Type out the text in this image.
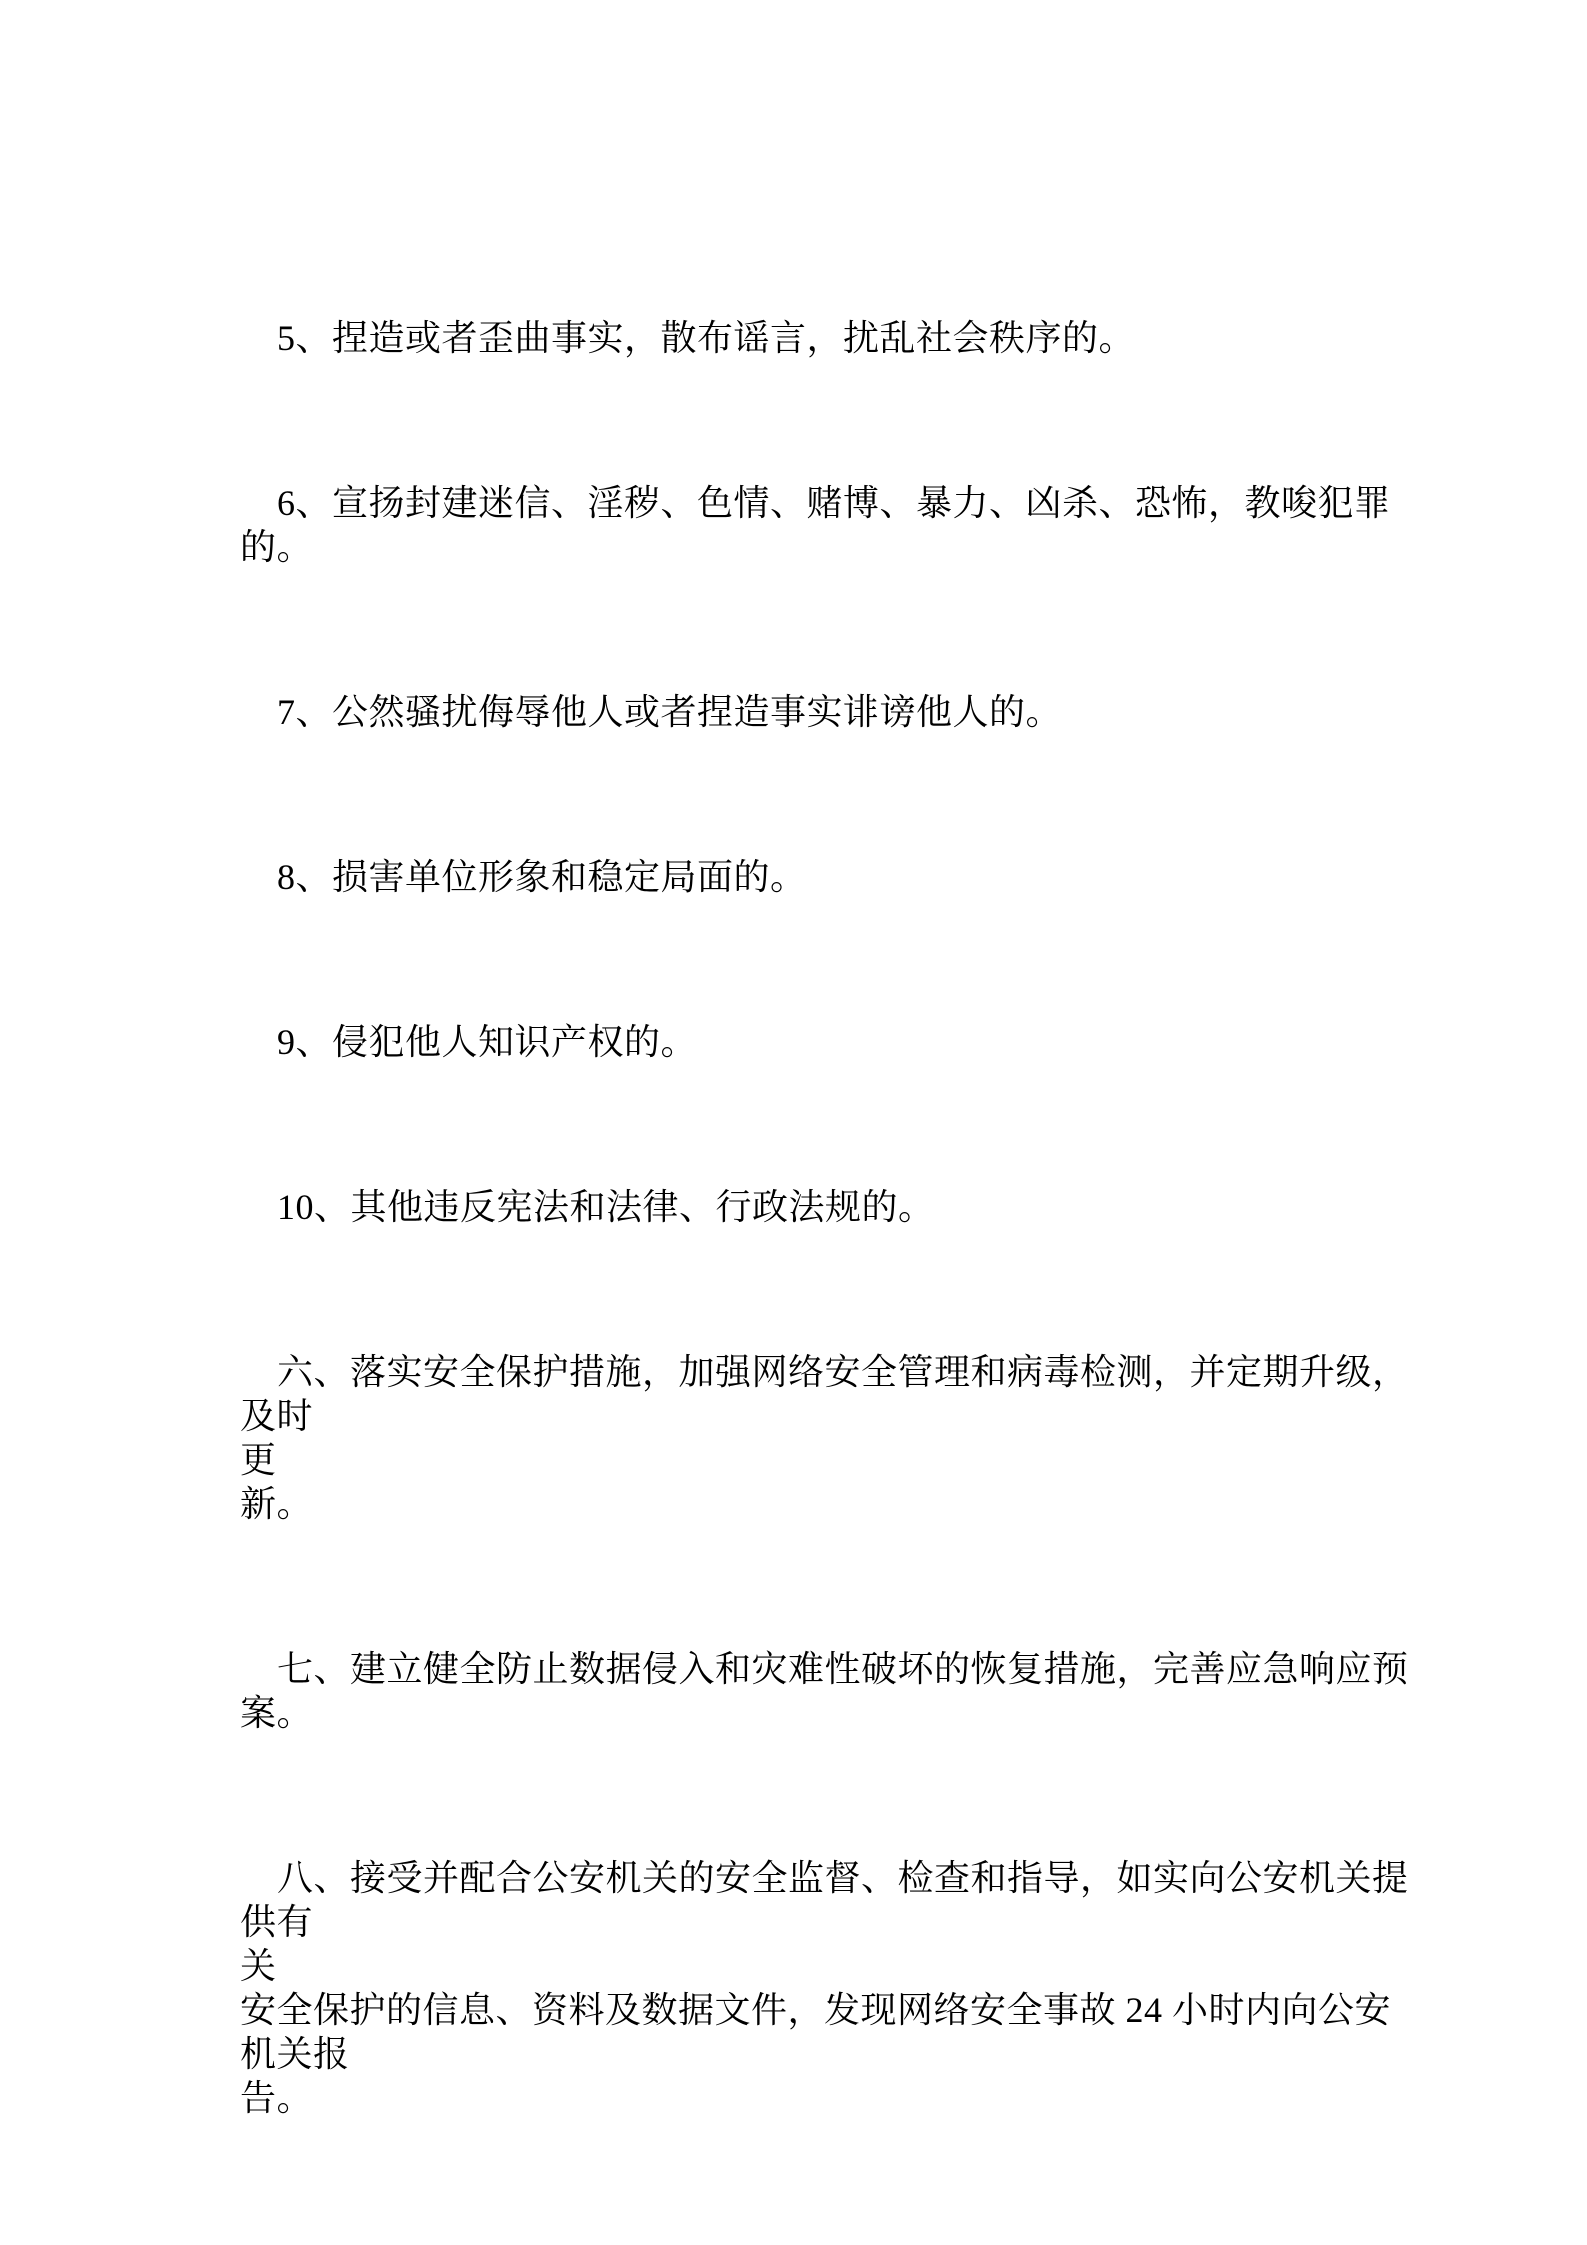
5、捏造或者歪曲事实，散布谣言，扰乱社会秩序的。
6、宣扬封建迷信、淫秽、色情、赌博、暴力、凶杀、恐怖，教唆犯罪的。
7、公然骚扰侮辱他人或者捏造事实诽谤他人的。
8、损害单位形象和稳定局面的。
9、侵犯他人知识产权的。
10、其他违反宪法和法律、行政法规的。
六、落实安全保护措施，加强网络安全管理和病毒检测，并定期升级，及时
更
新。
七、建立健全防止数据侵入和灾难性破坏的恢复措施，完善应急响应预案。
八、接受并配合公安机关的安全监督、检查和指导，如实向公安机关提供有
关
安全保护的信息、资料及数据文件，发现网络安全事故 24 小时内向公安机关报
告。
